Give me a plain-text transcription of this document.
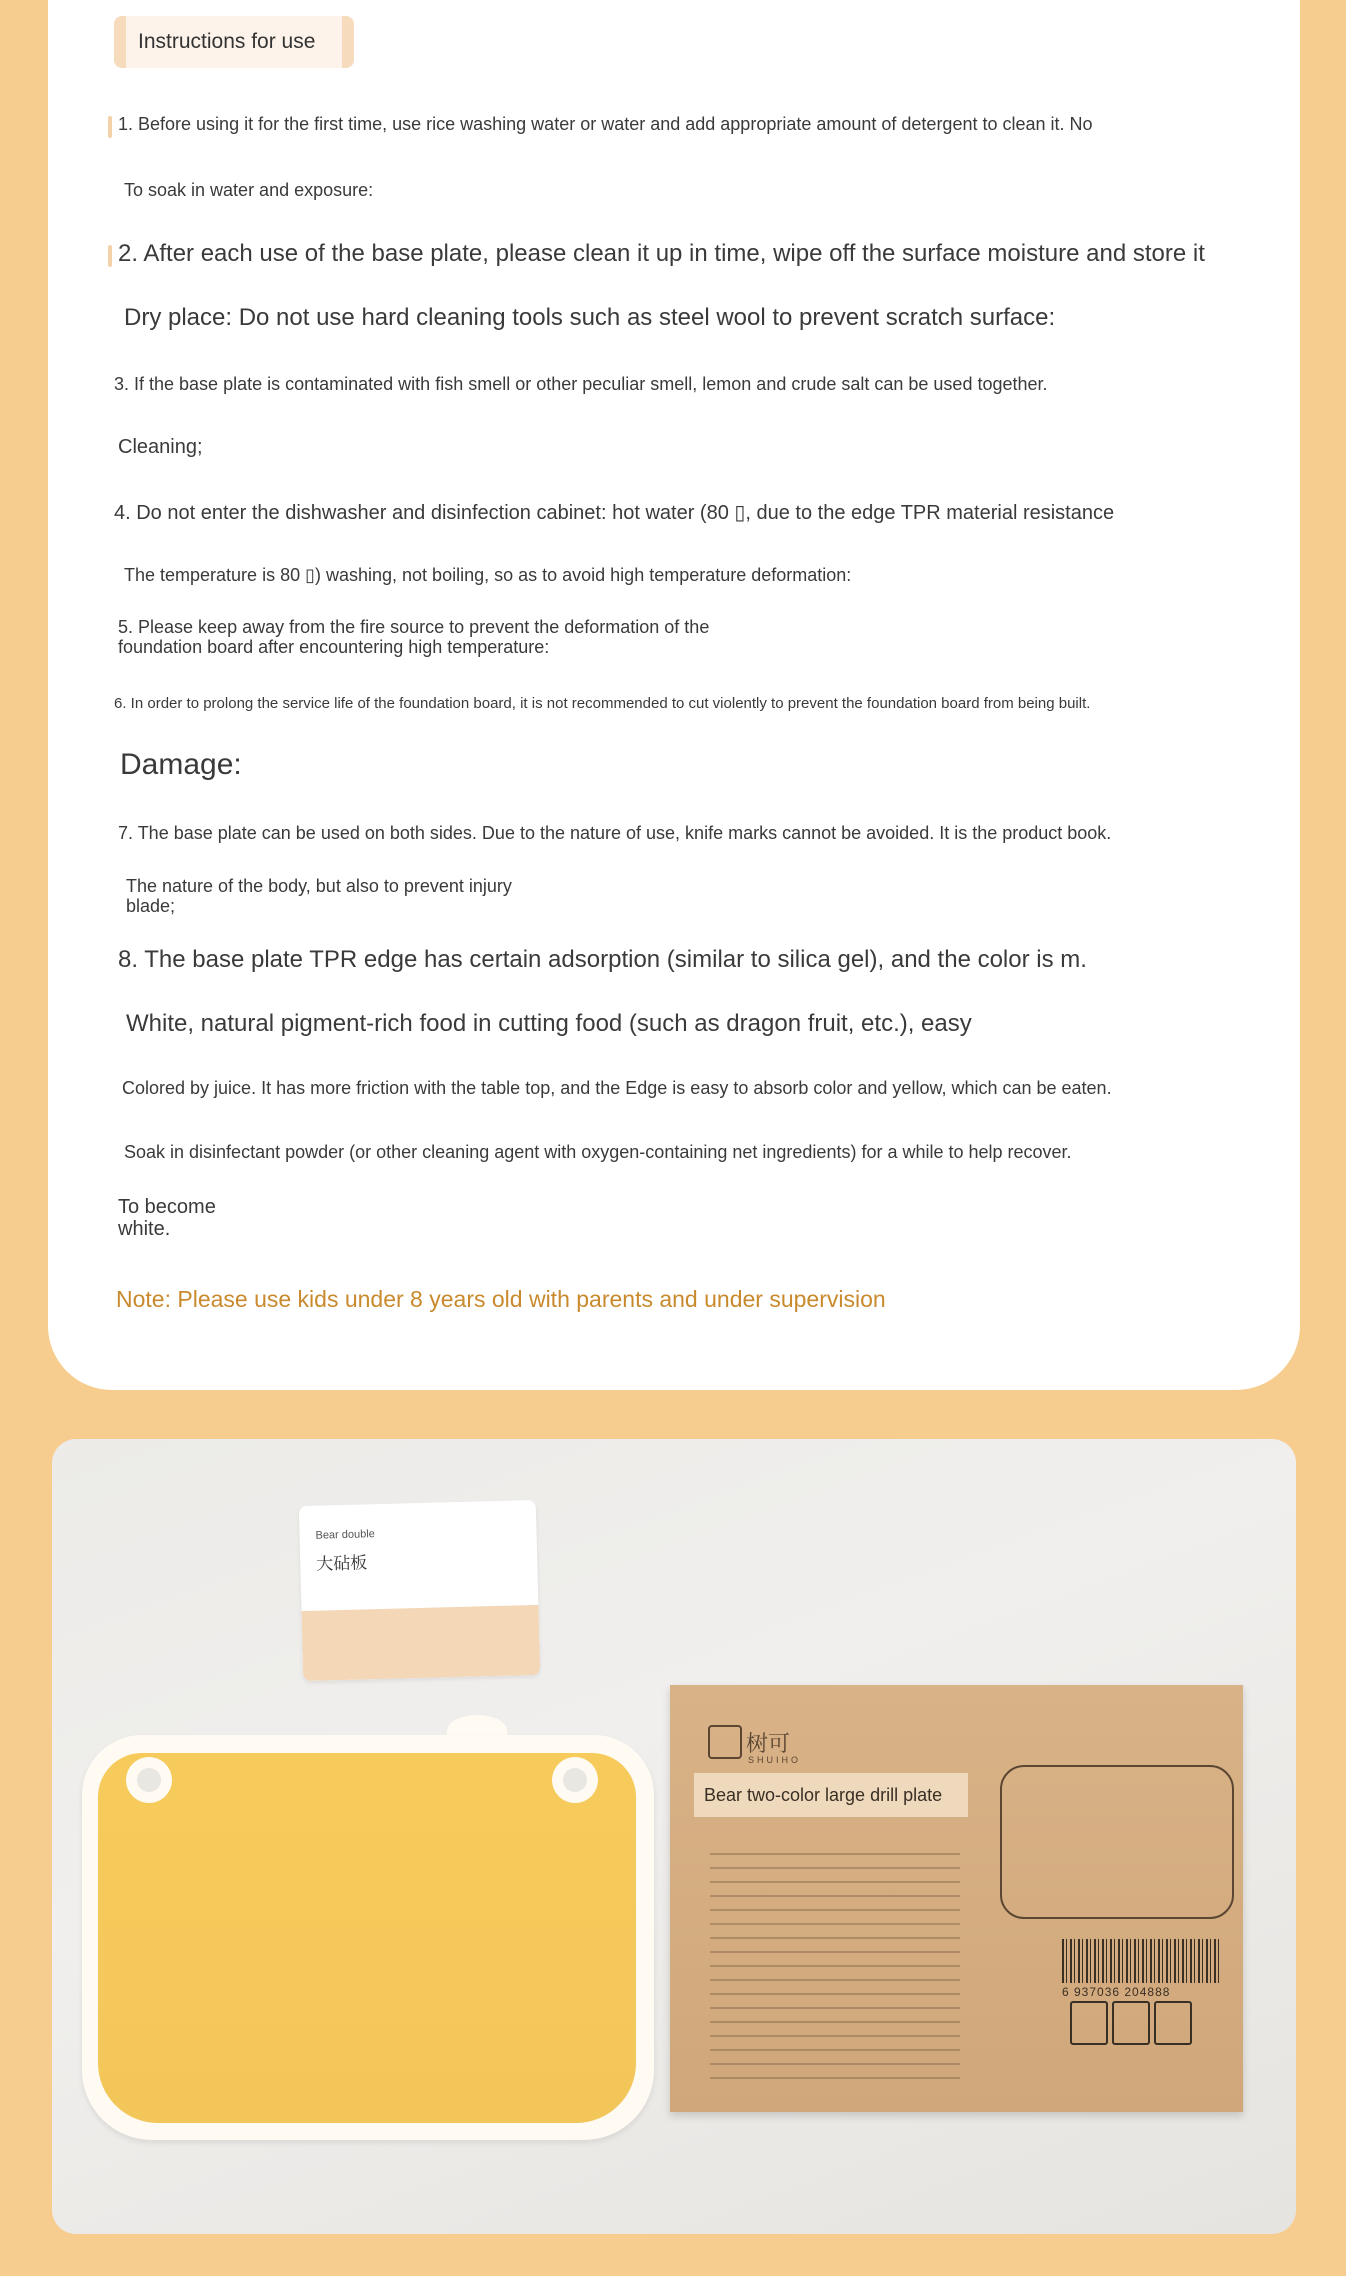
Instructions for use
1. Before using it for the first time, use rice washing water or water and add appropriate amount of detergent to clean it. No
To soak in water and exposure:
2. After each use of the base plate, please clean it up in time, wipe off the surface moisture and store it
Dry place: Do not use hard cleaning tools such as steel wool to prevent scratch surface:
3. If the base plate is contaminated with fish smell or other peculiar smell, lemon and crude salt can be used together.
Cleaning;
4. Do not enter the dishwasher and disinfection cabinet: hot water (80 ▯, due to the edge TPR material resistance
The temperature is 80 ▯) washing, not boiling, so as to avoid high temperature deformation:
5. Please keep away from the fire source to prevent the deformation of the
foundation board after encountering high temperature:
6. In order to prolong the service life of the foundation board, it is not recommended to cut violently to prevent the foundation board from being built.
Damage:
7. The base plate can be used on both sides. Due to the nature of use, knife marks cannot be avoided. It is the product book.
The nature of the body, but also to prevent injury
blade;
8. The base plate TPR edge has certain adsorption (similar to silica gel), and the color is m.
White, natural pigment-rich food in cutting food (such as dragon fruit, etc.), easy
Colored by juice. It has more friction with the table top, and the Edge is easy to absorb color and yellow, which can be eaten.
Soak in disinfectant powder (or other cleaning agent with oxygen-containing net ingredients) for a while to help recover.
To become
white.
Note: Please use kids under 8 years old with parents and under supervision
Bear double
大砧板
树可
SHUIHO
Bear two-color large drill plate
6 937036 204888
